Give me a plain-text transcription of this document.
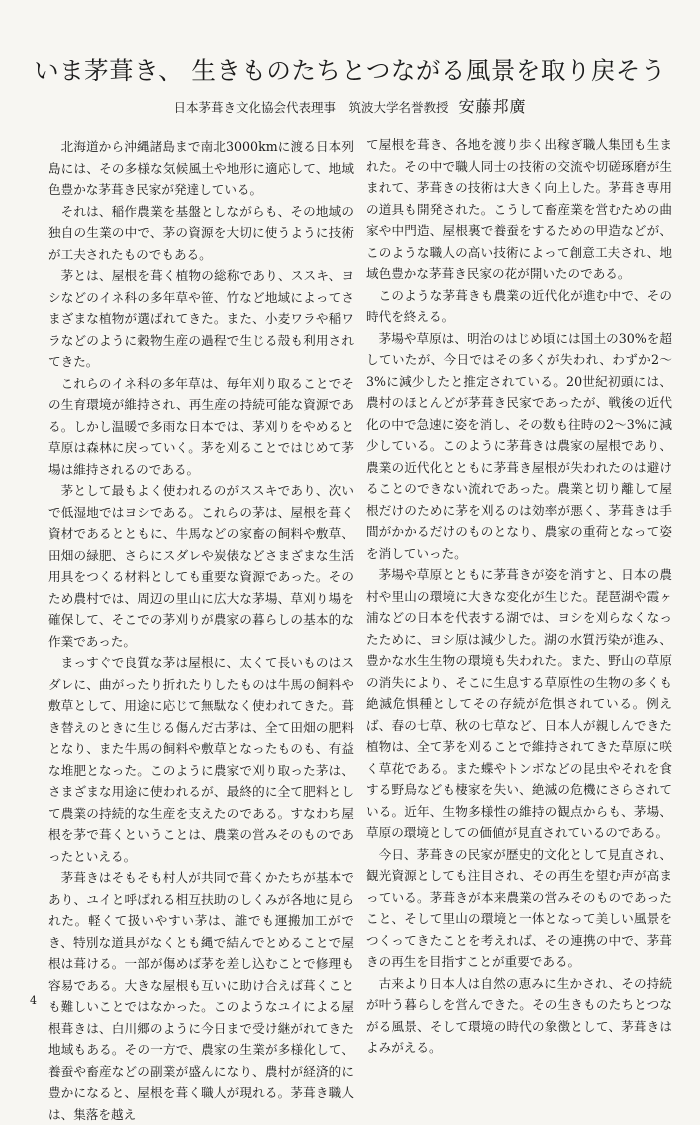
いま茅葺き、 生きものたちとつながる風景を取り戻そう
日本茅葺き文化協会代表理事　筑波大学名誉教授 安藤邦廣

北海道から沖縄諸島まで南北3000kmに渡る日本列島には、その多様な気候風土や地形に適応して、地域色豊かな茅葺き民家が発達している。

それは、稲作農業を基盤としながらも、その地域の独自の生業の中で、茅の資源を大切に使うように技術が工夫されたものでもある。

茅とは、屋根を葺く植物の総称であり、ススキ、ヨシなどのイネ科の多年草や笹、竹など地域によってさまざまな植物が選ばれてきた。また、小麦ワラや稲ワラなどのように穀物生産の過程で生じる殻も利用されてきた。

これらのイネ科の多年草は、毎年刈り取ることでその生育環境が維持され、再生産の持続可能な資源である。しかし温暖で多雨な日本では、茅刈りをやめると草原は森林に戻っていく。茅を刈ることではじめて茅場は維持されるのである。

茅として最もよく使われるのがススキであり、次いで低湿地ではヨシである。これらの茅は、屋根を葺く資材であるとともに、牛馬などの家畜の飼料や敷草、田畑の緑肥、さらにスダレや炭俵などさまざまな生活用具をつくる材料としても重要な資源であった。そのため農村では、周辺の里山に広大な茅場、草刈り場を確保して、そこでの茅刈りが農家の暮らしの基本的な作業であった。

まっすぐで良質な茅は屋根に、太くて長いものはスダレに、曲がったり折れたりしたものは牛馬の飼料や敷草として、用途に応じて無駄なく使われてきた。葺き替えのときに生じる傷んだ古茅は、全て田畑の肥料となり、また牛馬の飼料や敷草となったものも、有益な堆肥となった。このように農家で刈り取った茅は、さまざまな用途に使われるが、最終的に全て肥料として農業の持続的な生産を支えたのである。すなわち屋根を茅で葺くということは、農業の営みそのものであったといえる。

茅葺きはそもそも村人が共同で葺くかたちが基本であり、ユイと呼ばれる相互扶助のしくみが各地に見られた。軽くて扱いやすい茅は、誰でも運搬加工ができ、特別な道具がなくとも縄で結んでとめることで屋根は葺ける。一部が傷めば茅を差し込むことで修理も容易である。大きな屋根も互いに助け合えば葺くことも難しいことではなかった。このようなユイによる屋根葺きは、白川郷のように今日まで受け継がれてきた地域もある。その一方で、農家の生業が多様化して、養蚕や畜産などの副業が盛んになり、農村が経済的に豊かになると、屋根を葺く職人が現れる。茅葺き職人は、集落を越え

て屋根を葺き、各地を渡り歩く出稼ぎ職人集団も生まれた。その中で職人同士の技術の交流や切磋琢磨が生まれて、茅葺きの技術は大きく向上した。茅葺き専用の道具も開発された。こうして畜産業を営むための曲家や中門造、屋根裏で養蚕をするための甲造などが、このような職人の高い技術によって創意工夫され、地域色豊かな茅葺き民家の花が開いたのである。

このような茅葺きも農業の近代化が進む中で、その時代を終える。

茅場や草原は、明治のはじめ頃には国土の30%を超していたが、今日ではその多くが失われ、わずか2〜3%に減少したと推定されている。20世紀初頭には、農村のほとんどが茅葺き民家であったが、戦後の近代化の中で急速に姿を消し、その数も往時の2〜3%に減少している。このように茅葺きは農家の屋根であり、農業の近代化とともに茅葺き屋根が失われたのは避けることのできない流れであった。農業と切り離して屋根だけのために茅を刈るのは効率が悪く、茅葺きは手間がかかるだけのものとなり、農家の重荷となって姿を消していった。

茅場や草原とともに茅葺きが姿を消すと、日本の農村や里山の環境に大きな変化が生じた。琵琶湖や霞ヶ浦などの日本を代表する湖では、ヨシを刈らなくなったために、ヨシ原は減少した。湖の水質汚染が進み、豊かな水生生物の環境も失われた。また、野山の草原の消失により、そこに生息する草原性の生物の多くも絶滅危惧種としてその存続が危惧されている。例えば、春の七草、秋の七草など、日本人が親しんできた植物は、全て茅を刈ることで維持されてきた草原に咲く草花である。また蝶やトンボなどの昆虫やそれを食する野鳥なども棲家を失い、絶滅の危機にさらされている。近年、生物多様性の維持の観点からも、茅場、草原の環境としての価値が見直されているのである。

今日、茅葺きの民家が歴史的文化として見直され、観光資源としても注目され、その再生を望む声が高まっている。茅葺きが本来農業の営みそのものであったこと、そして里山の環境と一体となって美しい風景をつくってきたことを考えれば、その連携の中で、茅葺きの再生を目指すことが重要である。

古来より日本人は自然の恵みに生かされ、その持続が叶う暮らしを営んできた。その生きものたちとつながる風景、そして環境の時代の象徴として、茅葺きはよみがえる。

4
